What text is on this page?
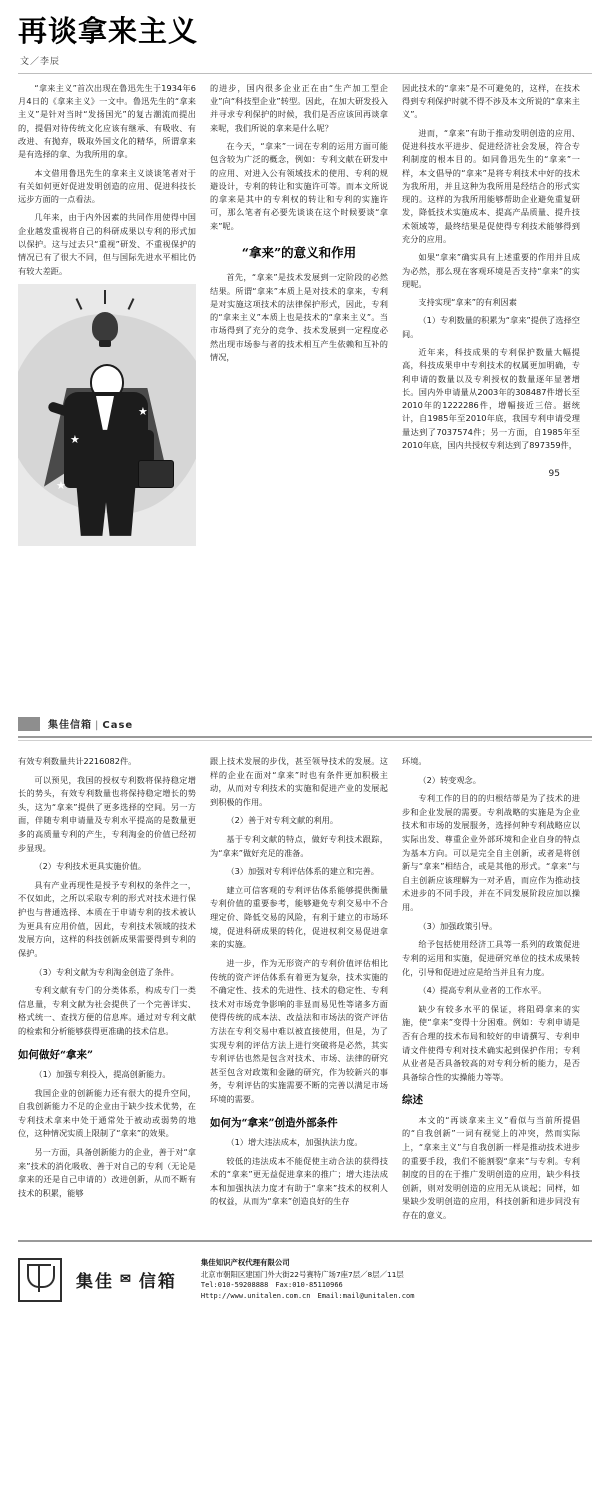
再谈拿来主义
文／李辰

“拿来主义”首次出现在鲁迅先生于1934年6月4日的《拿来主义》一文中。鲁迅先生的“拿来主义”是针对当时“发扬国光”的复古潮流而提出的，提倡对待传统文化应该有继承、有吸收、有改进、有抛弃，吸取外国文化的精华，所谓拿来是有选择的拿、为我所用的拿。

本文借用鲁迅先生的拿来主义谈谈笔者对于有关如何更好促进发明创造的应用、促进科技长远步方面的一点看法。

几年来，由于内外因素的共同作用使得中国企业越发重视将自己的科研成果以专利的形式加以保护。这与过去只“重视”研发、不重视保护的情况已有了很大不同，但与国际先进水平相比仍有较大差距。

★
★
★

的进步，国内很多企业正在由“生产加工型企业”向“科技型企业”转型。因此，在加大研发投入并寻求专利保护的时候，我们是否应该回再谈拿来呢，我们所说的拿来是什么呢？

在今天，“拿来”一词在专利的运用方面可能包含较为广泛的概念，例如：专利文献在研发中的应用、对进入公有领域技术的使用、专利的规避设计，专利的转让和实施许可等。而本文所说的拿来是其中的专利权的转让和专利的实施许可，那么笔者有必要先谈谈在这个时候要谈“拿来”呢。

“拿来”的意义和作用

首先，“拿来”是技术发展到一定阶段的必然结果。所谓“拿来”本质上是对技术的拿来，专利是对实施这项技术的法律保护形式，因此，专利的“拿来主义”本质上也是技术的“拿来主义”。当市场得到了充分的竞争、技术发展到一定程度必然出现市场参与者的技术相互产生依赖和互补的情况，

因此技术的“拿来”是不可避免的，这样，在技术得到专利保护时就不得不涉及本文所说的“拿来主义”。

进而，“拿来”有助于推动发明创造的应用、促进科技水平进步、促进经济社会发展，符合专利制度的根本目的。如同鲁迅先生的“拿来”一样，本文倡导的“拿来”是将专利技术中好的技术为我所用，并且这种为我所用是经结合的形式实现的。这样的为我所用能够帮助企业避免重复研发，降低技术实施成本、提高产品质量、提升技术领域等，最终结果是促使得专利技术能够得到充分的应用。

如果“拿来”确实具有上述重要的作用并且成为必然，那么现在客观环境是否支持“拿来”的实现呢。

支持实现“拿来”的有利因素

（1）专利数量的积累为“拿来”提供了选择空间。

近年来，科技成果的专利保护数量大幅提高，科技成果申中专利技术的权属更加明确，专利申请的数量以及专利授权的数量逐年显著增长。国内外申请量从2003年的308487件增长至2010年的1222286件，增幅接近三倍。据统计，自1985年至2010年底，我国专利申请受理量达到了7037574件；另一方面，自1985年至2010年底，国内共授权专利达到了897359件，

95
集佳信箱 | Case

有效专利数量共计2216082件。

可以预见，我国的授权专利数将保持稳定增长的势头，有效专利数量也将保持稳定增长的势头，这为“拿来”提供了更多选择的空间。另一方面，伴随专利申请量及专利水平提高的是数量更多的高质量专利的产生，专利淘金的价值已经初步显现。

（2）专利技术更具实施价值。

具有产业再现性是授予专利权的条件之一，不仅如此，之所以采取专利的形式对技术进行保护也与普通选择、本质在于申请专利的技术被认为更具有应用价值，因此，专利技术领域的技术发展方向，这样的科技创新成果需要得到专利的保护。

（3）专利文献为专利淘金创造了条件。

专利文献有专门的分类体系，构成专门一类信息量，专利文献为社会提供了一个完善详实、格式统一、查找方便的信息库。通过对专利文献的检索和分析能够获得更准确的技术信息。

如何做好“拿来”

（1）加强专利投入，提高创新能力。

我国企业的创新能力还有很大的提升空间，自我创新能力不足的企业由于缺少技术优势，在专利技术拿来中处于通常处于被动或弱势的地位，这种情况实质上限制了“拿来”的效果。

另一方面，具备创新能力的企业，善于对“拿来”技术的消化吸收、善于对自己的专利（无论是拿来的还是自己申请的）改进创新，从而不断有技术的积累，能够

跟上技术发展的步伐，甚至领导技术的发展。这样的企业在面对“拿来”时也有条件更加积极主动，从而对专利技术的实施和促进产业的发展起到积极的作用。

（2）善于对专利文献的利用。

基于专利文献的特点，做好专利技术跟踪，为“拿来”做好充足的准备。

（3）加强对专利评估体系的建立和完善。

建立可信客观的专利评估体系能够提供衡量专利价值的重要参考，能够避免专利交易中不合理定价、降低交易的风险，有利于建立的市场环境，促进科研成果的转化，促进权利交易促进拿来的实施。

进一步，作为无形资产的专利价值评估相比传统的资产评估体系有着更为复杂，技术实施的不确定性、技术的先进性、技术的稳定性、专利技术对市场竞争影响的非显而易见性等诸多方面使得传统的成本法、改益法和市场法的资产评估方法在专利交易中难以被直接使用，但是，为了实现专利的评估方法上进行突破将是必然，其实专利评估也然是包含对技术、市场、法律的研究甚至包含对政策和金融的研究，作为较新兴的事务，专利评估的实施需要不断的完善以满足市场环境的需要。

如何为“拿来”创造外部条件

（1）增大违法成本，加强执法力度。

较低的违法成本不能促使主动合法的获得技术的“拿来”更无益促进拿来的推广；增大违法成本和加强执法力度才有助于“拿来”技术的权利人的权益，从而为“拿来”创造良好的生存

环境。

（2）转变观念。

专利工作的目的的归根结蒂是为了技术的进步和企业发展的需要。专利战略的实施是为企业技术和市场的发展服务，选择何种专利战略应以实际出发、尊重企业外部环境和企业自身的特点为基本方向。可以是完全自主创新，或者是将创新与“拿来”相结合，或是其他的形式。“拿来”与自主创新应该理解为一对矛盾，而应作为推动技术进步的不同手段，并在不同发展阶段应加以操用。

（3）加强政策引导。

给予包括使用经济工具等一系列的政策促进专利的运用和实施，促进研究单位的技术成果转化，引导和促进过应是给当并且有力度。

（4）提高专利从业者的工作水平。

缺少有较多水平的保证，将阻碍拿来的实施，使“拿来”变得十分困难。例如：专利申请是否有合理的技术布局和较好的申请撰写、专利申请文件使得专利对技术确实起到保护作用；专利从业者是否具备较高的对专利分析的能力，是否具备综合性的实操能力等等。

综述

本文的“再谈拿来主义”看似与当前所提倡的“自我创新”一词有视觉上的冲突，然而实际上，“拿来主义”与自我创新一样是推动技术进步的重要手段，我们不能割裂“拿来”与专利。专利制度的目的在于推广发明创造的应用，缺少科技创新，则对发明创造的应用无从谈起；同样，如果缺少发明创造的应用，科技创新和进步同没有存在的意义。

集佳 ✉ 信箱
集佳知识产权代理有限公司
北京市朝阳区建国门外大街22号赛特广场7座7层／8层／11层
Tel:010-59208888　Fax:010-85110966
Http://www.unitalen.com.cn　Email:mail@unitalen.com
